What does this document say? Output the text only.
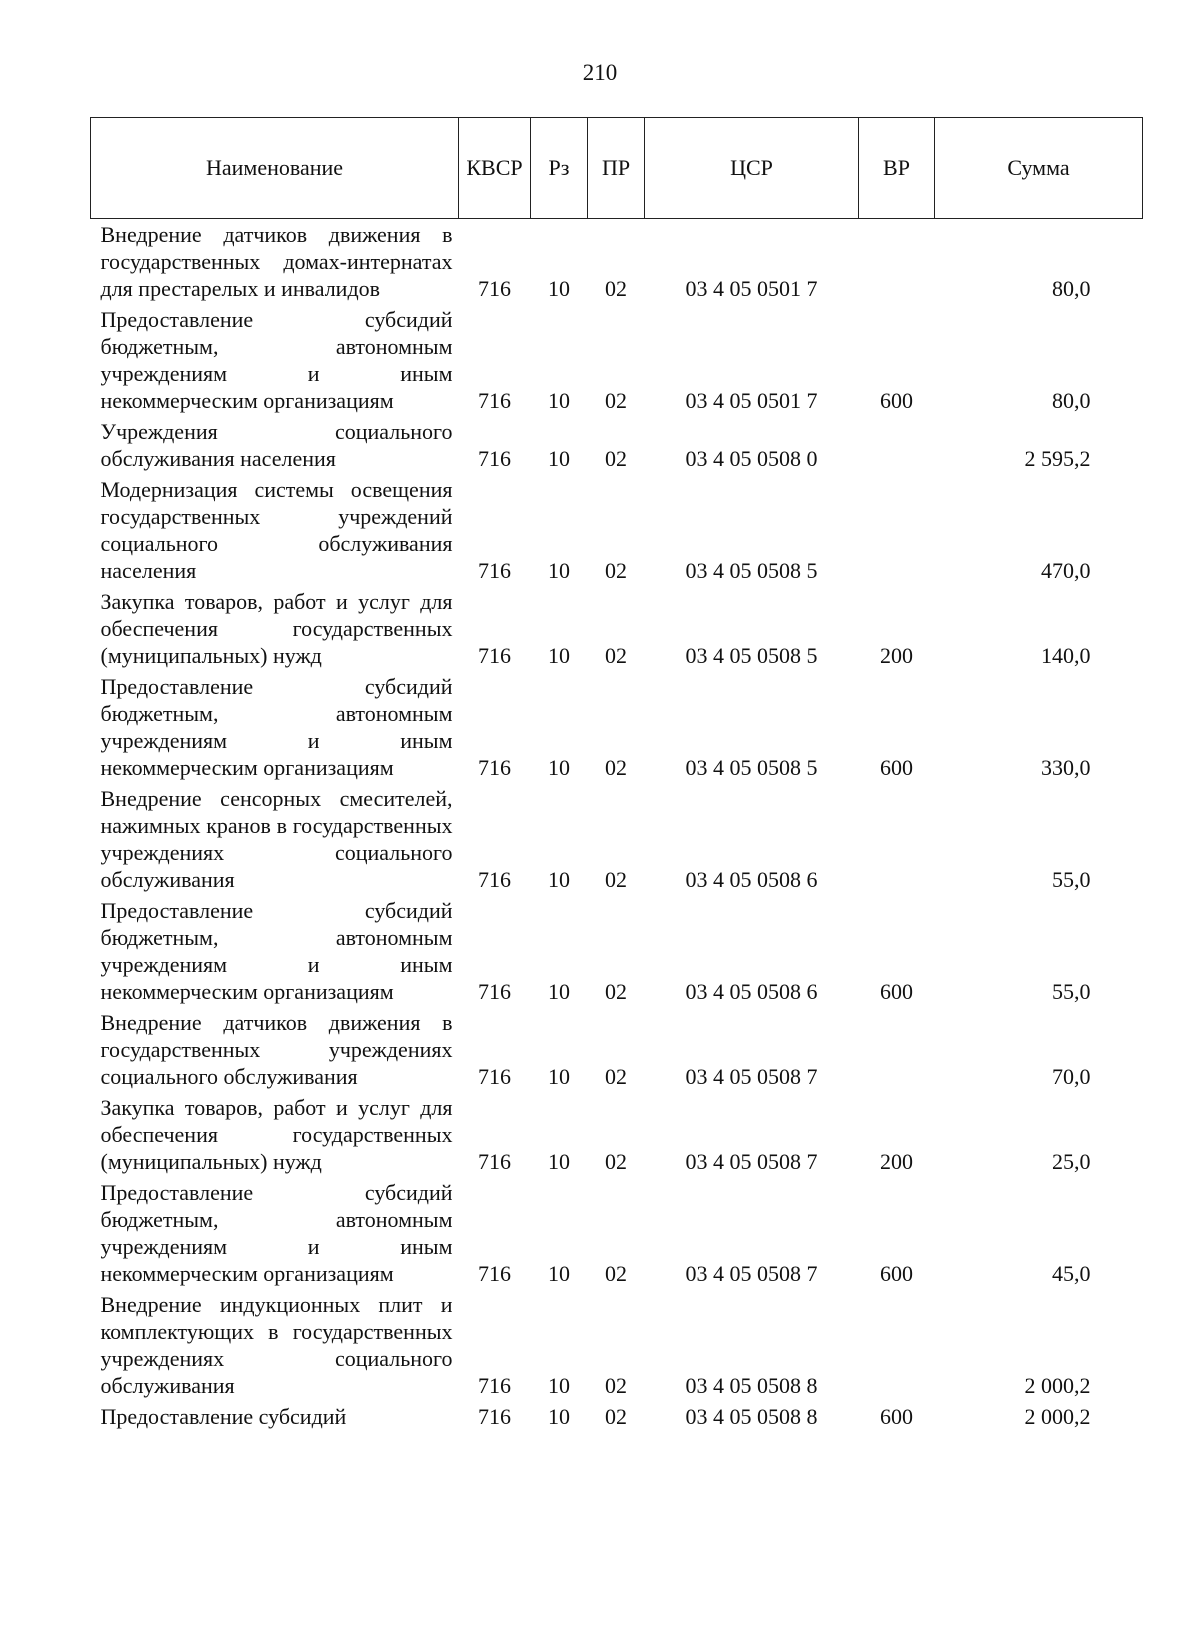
210
Наименование	КВСР	Рз	ПР	ЦСР	ВР	Сумма
Внедрение датчиков движения в государственных домах-интернатах для престарелых и инвалидов	716	10	02	03 4 05 0501 7		80,0
Предоставление субсидий бюджетным, автономным учреждениям и иным некоммерческим организациям	716	10	02	03 4 05 0501 7	600	80,0
Учреждения социального обслуживания населения	716	10	02	03 4 05 0508 0		2 595,2
Модернизация системы освещения государственных учреждений социального обслуживания населения	716	10	02	03 4 05 0508 5		470,0
Закупка товаров, работ и услуг для обеспечения государственных (муниципальных) нужд	716	10	02	03 4 05 0508 5	200	140,0
Предоставление субсидий бюджетным, автономным учреждениям и иным некоммерческим организациям	716	10	02	03 4 05 0508 5	600	330,0
Внедрение сенсорных смесителей, нажимных кранов в государственных учреждениях социального обслуживания	716	10	02	03 4 05 0508 6		55,0
Предоставление субсидий бюджетным, автономным учреждениям и иным некоммерческим организациям	716	10	02	03 4 05 0508 6	600	55,0
Внедрение датчиков движения в государственных учреждениях социального обслуживания	716	10	02	03 4 05 0508 7		70,0
Закупка товаров, работ и услуг для обеспечения государственных (муниципальных) нужд	716	10	02	03 4 05 0508 7	200	25,0
Предоставление субсидий бюджетным, автономным учреждениям и иным некоммерческим организациям	716	10	02	03 4 05 0508 7	600	45,0
Внедрение индукционных плит и комплектующих в государственных учреждениях социального обслуживания	716	10	02	03 4 05 0508 8		2 000,2
Предоставление субсидий	716	10	02	03 4 05 0508 8	600	2 000,2
